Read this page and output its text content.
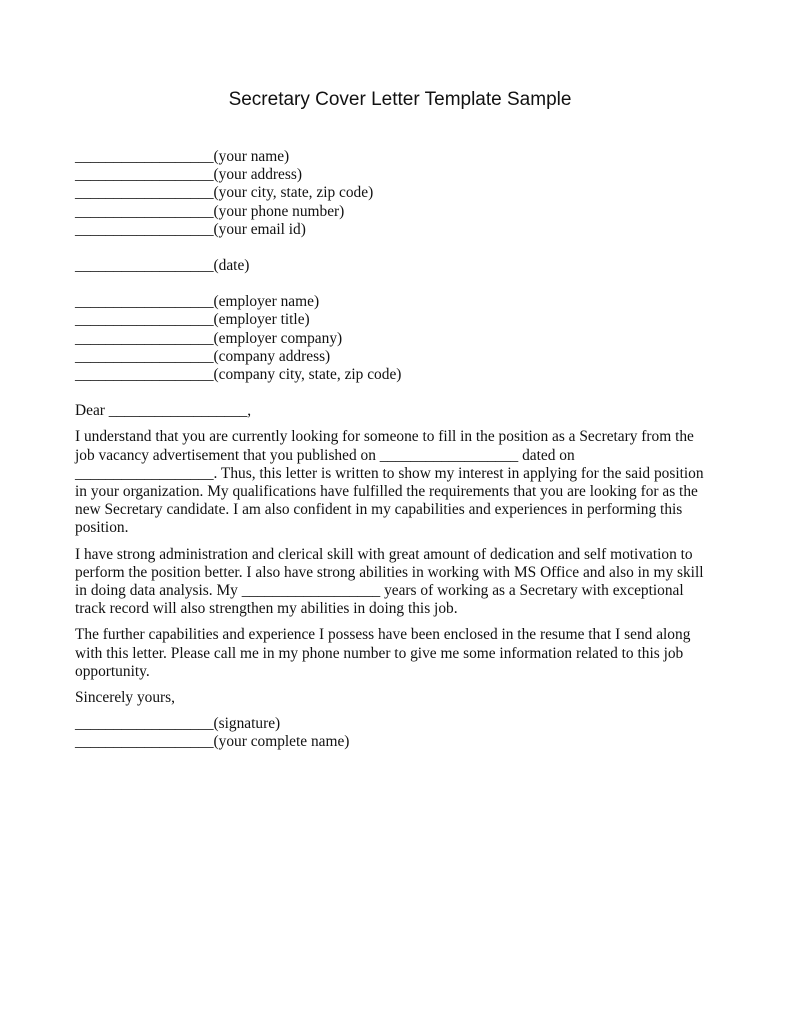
Secretary Cover Letter Template Sample
__________________(your name)
__________________(your address)
__________________(your city, state, zip code)
__________________(your phone number)
__________________(your email id)
__________________(date)
__________________(employer name)
__________________(employer title)
__________________(employer company)
__________________(company address)
__________________(company city, state, zip code)
Dear __________________,
I understand that you are currently looking for someone to fill in the position as a Secretary from the
job vacancy advertisement that you published on __________________ dated on
__________________. Thus, this letter is written to show my interest in applying for the said position
in your organization. My qualifications have fulfilled the requirements that you are looking for as the
new Secretary candidate. I am also confident in my capabilities and experiences in performing this
position.
I have strong administration and clerical skill with great amount of dedication and self motivation to
perform the position better. I also have strong abilities in working with MS Office and also in my skill
in doing data analysis. My __________________ years of working as a Secretary with exceptional
track record will also strengthen my abilities in doing this job.
The further capabilities and experience I possess have been enclosed in the resume that I send along
with this letter. Please call me in my phone number to give me some information related to this job
opportunity.
Sincerely yours,
__________________(signature)
__________________(your complete name)
